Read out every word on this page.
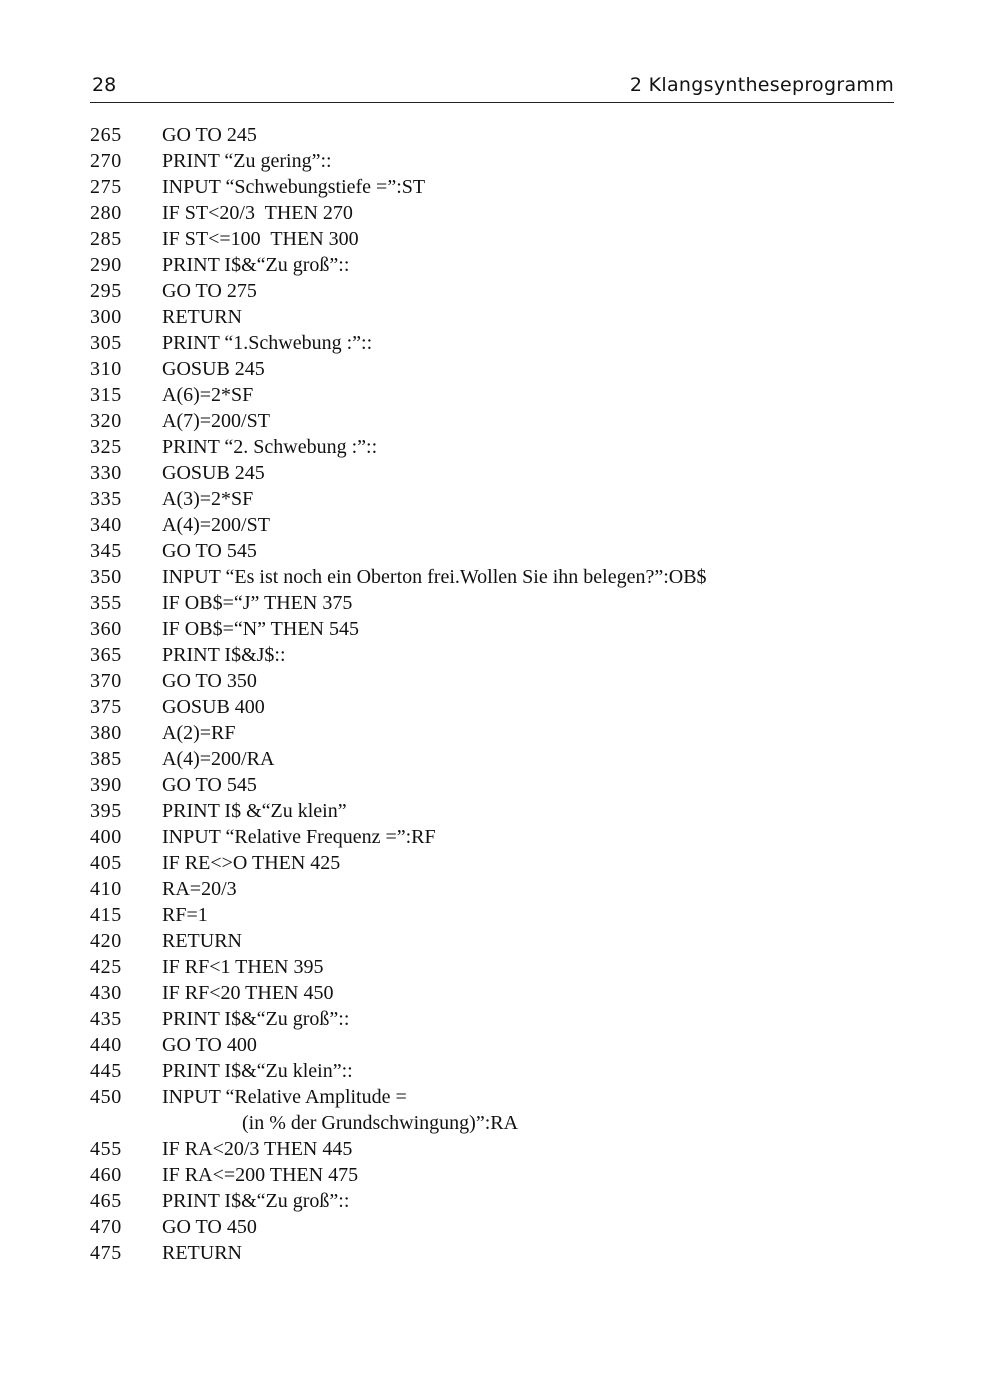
28	2 Klangsyntheseprogramm
265	GO TO 245
270	PRINT “Zu gering”::
275	INPUT “Schwebungstiefe =”:ST
280	IF ST<20/3  THEN 270
285	IF ST<=100  THEN 300
290	PRINT I$&“Zu groß”::
295	GO TO 275
300	RETURN
305	PRINT “1.Schwebung :”::
310	GOSUB 245
315	A(6)=2*SF
320	A(7)=200/ST
325	PRINT “2. Schwebung :”::
330	GOSUB 245
335	A(3)=2*SF
340	A(4)=200/ST
345	GO TO 545
350	INPUT “Es ist noch ein Oberton frei.Wollen Sie ihn belegen?”:OB$
355	IF OB$=“J” THEN 375
360	IF OB$=“N” THEN 545
365	PRINT I$&J$::
370	GO TO 350
375	GOSUB 400
380	A(2)=RF
385	A(4)=200/RA
390	GO TO 545
395	PRINT I$ &“Zu klein”
400	INPUT “Relative Frequenz =”:RF
405	IF RE<>O THEN 425
410	RA=20/3
415	RF=1
420	RETURN
425	IF RF<1 THEN 395
430	IF RF<20 THEN 450
435	PRINT I$&“Zu groß”::
440	GO TO 400
445	PRINT I$&“Zu klein”::
450	INPUT “Relative Amplitude =
(in % der Grundschwingung)”:RA
455	IF RA<20/3 THEN 445
460	IF RA<=200 THEN 475
465	PRINT I$&“Zu groß”::
470	GO TO 450
475	RETURN
